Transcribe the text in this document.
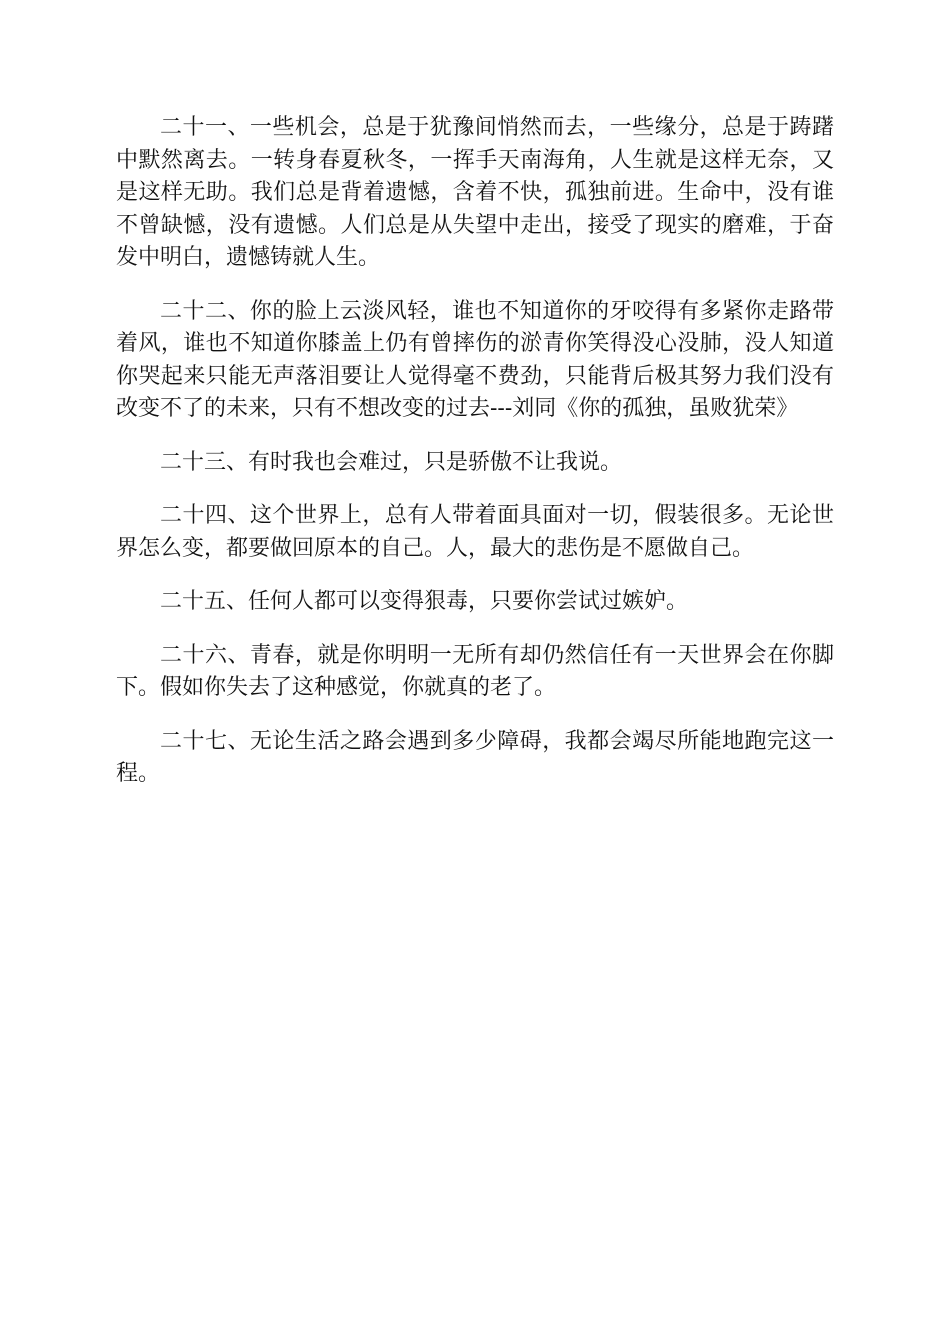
二十一、一些机会，总是于犹豫间悄然而去，一些缘分，总是于踌躇中默然离去。一转身春夏秋冬，一挥手天南海角，人生就是这样无奈，又是这样无助。我们总是背着遗憾，含着不快，孤独前进。生命中，没有谁不曾缺憾，没有遗憾。人们总是从失望中走出，接受了现实的磨难，于奋发中明白，遗憾铸就人生。

二十二、你的脸上云淡风轻，谁也不知道你的牙咬得有多紧你走路带着风，谁也不知道你膝盖上仍有曾摔伤的淤青你笑得没心没肺，没人知道你哭起来只能无声落泪要让人觉得毫不费劲，只能背后极其努力我们没有改变不了的未来，只有不想改变的过去---刘同《你的孤独，虽败犹荣》

二十三、有时我也会难过，只是骄傲不让我说。

二十四、这个世界上，总有人带着面具面对一切，假装很多。无论世界怎么变，都要做回原本的自己。人，最大的悲伤是不愿做自己。

二十五、任何人都可以变得狠毒，只要你尝试过嫉妒。

二十六、青春，就是你明明一无所有却仍然信任有一天世界会在你脚下。假如你失去了这种感觉，你就真的老了。

二十七、无论生活之路会遇到多少障碍，我都会竭尽所能地跑完这一程。
